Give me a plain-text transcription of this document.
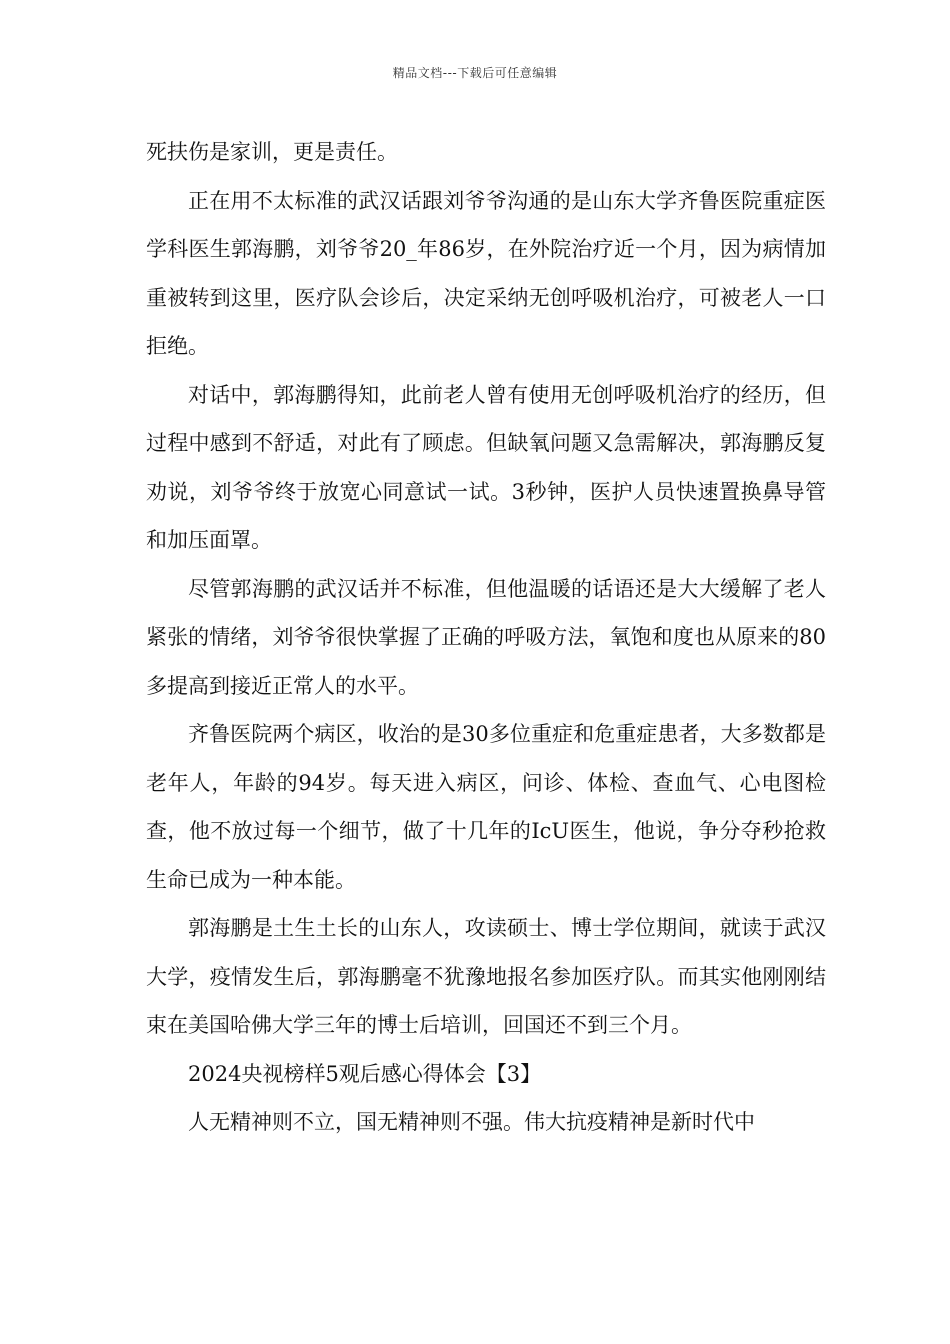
精品文档---下载后可任意编辑

死扶伤是家训，更是责任。

正在用不太标准的武汉话跟刘爷爷沟通的是山东大学齐鲁医院重症医学科医生郭海鹏，刘爷爷20_年86岁，在外院治疗近一个月，因为病情加重被转到这里，医疗队会诊后，决定采纳无创呼吸机治疗，可被老人一口拒绝。

对话中，郭海鹏得知，此前老人曾有使用无创呼吸机治疗的经历，但过程中感到不舒适，对此有了顾虑。但缺氧问题又急需解决，郭海鹏反复劝说，刘爷爷终于放宽心同意试一试。3秒钟，医护人员快速置换鼻导管和加压面罩。

尽管郭海鹏的武汉话并不标准，但他温暖的话语还是大大缓解了老人紧张的情绪，刘爷爷很快掌握了正确的呼吸方法，氧饱和度也从原来的80多提高到接近正常人的水平。

齐鲁医院两个病区，收治的是30多位重症和危重症患者，大多数都是老年人，年龄的94岁。每天进入病区，问诊、体检、查血气、心电图检查，他不放过每一个细节，做了十几年的IcU医生，他说，争分夺秒抢救生命已成为一种本能。

郭海鹏是土生土长的山东人，攻读硕士、博士学位期间，就读于武汉大学，疫情发生后，郭海鹏毫不犹豫地报名参加医疗队。而其实他刚刚结束在美国哈佛大学三年的博士后培训，回国还不到三个月。

2024央视榜样5观后感心得体会【3】

人无精神则不立，国无精神则不强。伟大抗疫精神是新时代中
